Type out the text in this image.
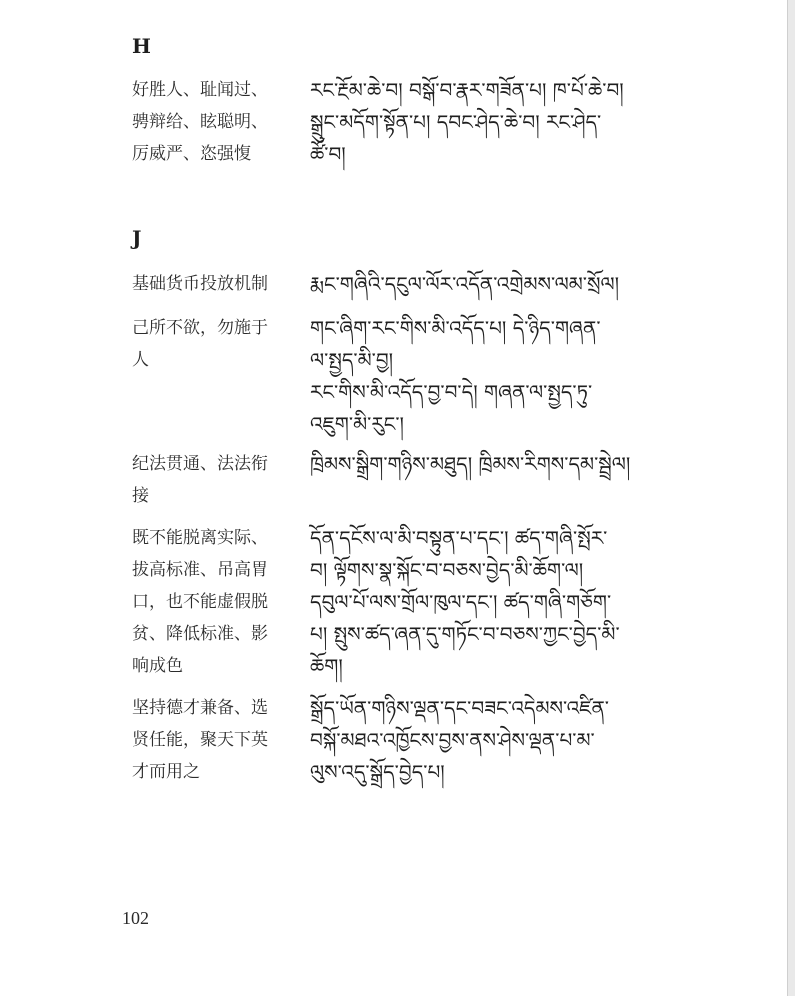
H
好胜人、耻闻过、
骋辩给、眩聪明、
厉威严、恣强愎
རང་རྔོམ་ཆེ་བ། བསྒོ་བ་རྣར་གཟོན་པ། ཁ་པོ་ཆེ་བ།
སྒྲུང་མདོག་སྟོན་པ། དབང་ཤེད་ཆེ་བ། རང་ཤེད་
ཚོ་བ།
J
基础货币投放机制	རྨང་གཞིའི་དངུལ་ལོར་འདོན་འགྲེམས་ལམ་སྲོལ།
己所不欲，勿施于
人
གང་ཞིག་རང་གིས་མི་འདོད་པ། དེ་ཉིད་གཞན་
ལ་སྤྱད་མི་བྱ།
རང་གིས་མི་འདོད་བྱ་བ་དེ། གཞན་ལ་སྤྱད་ཏུ་
འཇུག་མི་རུང་།
纪法贯通、法法衔
接
ཁྲིམས་སྒྲིག་གཉིས་མཐུད། ཁྲིམས་རིགས་དམ་སྦྲེལ།
既不能脱离实际、
拔高标准、吊高胃
口，也不能虚假脱
贫、降低标准、影
响成色
དོན་དངོས་ལ་མི་བསྟུན་པ་དང་། ཚད་གཞི་སྤོར་
བ། ལྟོགས་སྣ་སྐོང་བ་བཅས་བྱེད་མི་ཆོག་ལ།
དབུལ་པོ་ལས་གྲོལ་ཁུལ་དང་། ཚད་གཞི་གཅོག་
པ། སྤུས་ཚད་ཞན་དུ་གཏོང་བ་བཅས་ཀྱང་བྱེད་མི་
ཆོག།
坚持德才兼备、选
贤任能，聚天下英
才而用之
སྒྲོད་ཡོན་གཉིས་ལྡན་དང་བཟང་འདེམས་འཛིན་
བསྐོ་མཐའ་འཁྱོངས་བྱས་ནས་ཤེས་ལྡན་པ་མ་
ལུས་འདུ་སྒྲོད་བྱེད་པ།
102
